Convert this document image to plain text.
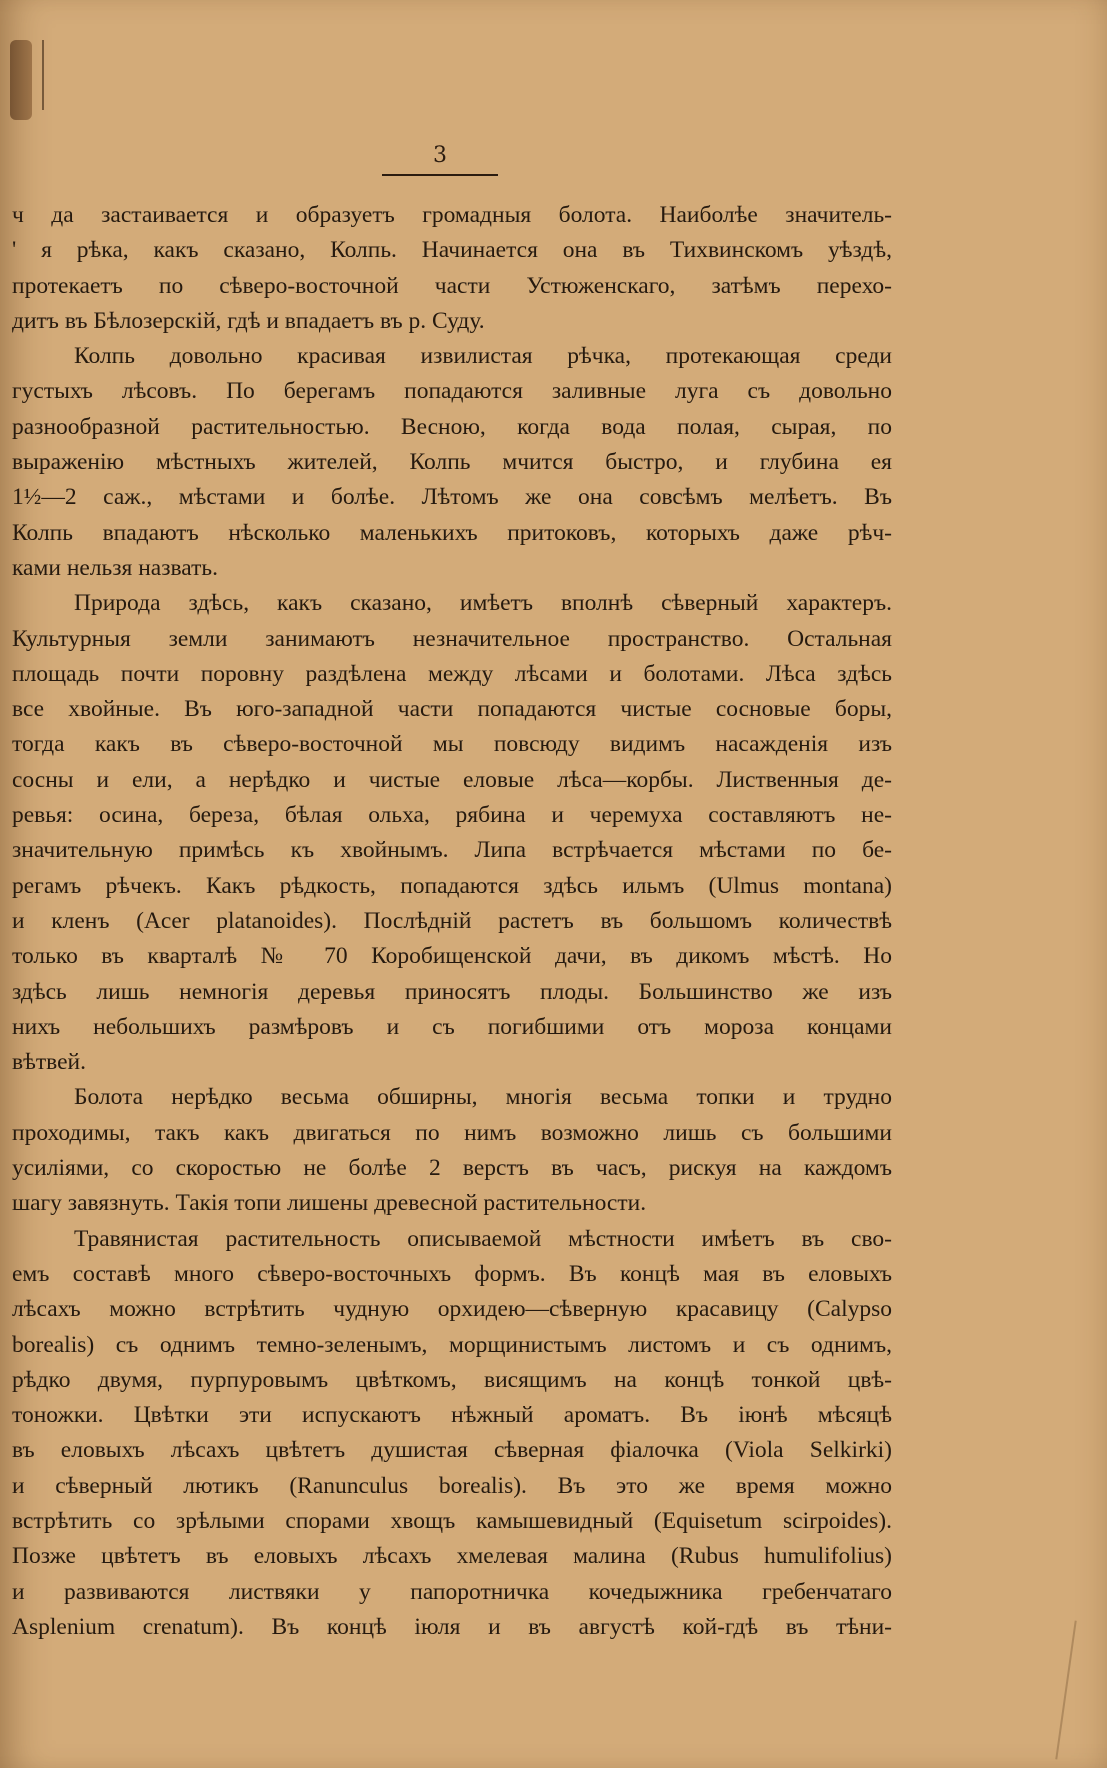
3
ч да застаивается и образуетъ громадныя болота. Наиболѣе значитель-
' я рѣка, какъ сказано, Колпь. Начинается она въ Тихвинскомъ уѣздѣ,
протекаетъ по сѣверо-восточной части Устюженскаго, затѣмъ перехо-
дитъ въ Бѣлозерскій, гдѣ и впадаетъ въ р. Суду.
Колпь довольно красивая извилистая рѣчка, протекающая среди
густыхъ лѣсовъ. По берегамъ попадаются заливные луга съ довольно
разнообразной растительностью. Весною, когда вода полая, сырая, по
выраженію мѣстныхъ жителей, Колпь мчится быстро, и глубина ея
1½—2 саж., мѣстами и болѣе. Лѣтомъ же она совсѣмъ мелѣетъ. Въ
Колпь впадаютъ нѣсколько маленькихъ притоковъ, которыхъ даже рѣч-
ками нельзя назвать.
Природа здѣсь, какъ сказано, имѣетъ вполнѣ сѣверный характеръ.
Культурныя земли занимаютъ незначительное пространство. Остальная
площадь почти поровну раздѣлена между лѣсами и болотами. Лѣса здѣсь
все хвойные. Въ юго-западной части попадаются чистые сосновые боры,
тогда какъ въ сѣверо-восточной мы повсюду видимъ насажденія изъ
сосны и ели, а нерѣдко и чистые еловые лѣса—корбы. Лиственныя де-
ревья: осина, береза, бѣлая ольха, рябина и черемуха составляютъ не-
значительную примѣсь къ хвойнымъ. Липа встрѣчается мѣстами по бе-
регамъ рѣчекъ. Какъ рѣдкость, попадаются здѣсь ильмъ (Ulmus montana)
и кленъ (Acer platanoides). Послѣдній растетъ въ большомъ количествѣ
только въ кварталѣ № 70 Коробищенской дачи, въ дикомъ мѣстѣ. Но
здѣсь лишь немногія деревья приносятъ плоды. Большинство же изъ
нихъ небольшихъ размѣровъ и съ погибшими отъ мороза концами
вѣтвей.
Болота нерѣдко весьма обширны, многія весьма топки и трудно
проходимы, такъ какъ двигаться по нимъ возможно лишь съ большими
усиліями, со скоростью не болѣе 2 верстъ въ часъ, рискуя на каждомъ
шагу завязнуть. Такія топи лишены древесной растительности.
Травянистая растительность описываемой мѣстности имѣетъ въ сво-
емъ составѣ много сѣверо-восточныхъ формъ. Въ концѣ мая въ еловыхъ
лѣсахъ можно встрѣтить чудную орхидею—сѣверную красавицу (Calypso
borealis) съ однимъ темно-зеленымъ, морщинистымъ листомъ и съ однимъ,
рѣдко двумя, пурпуровымъ цвѣткомъ, висящимъ на концѣ тонкой цвѣ-
тоножки. Цвѣтки эти испускаютъ нѣжный ароматъ. Въ іюнѣ мѣсяцѣ
въ еловыхъ лѣсахъ цвѣтетъ душистая сѣверная фіалочка (Viola Selkirki)
и сѣверный лютикъ (Ranunculus borealis). Въ это же время можно
встрѣтить со зрѣлыми спорами хвощъ камышевидный (Equisetum scirpoides).
Позже цвѣтетъ въ еловыхъ лѣсахъ хмелевая малина (Rubus humulifolius)
и развиваются листвяки у папоротничка кочедыжника гребенчатаго
Asplenium crenatum). Въ концѣ іюля и въ августѣ кой-гдѣ въ тѣни-
